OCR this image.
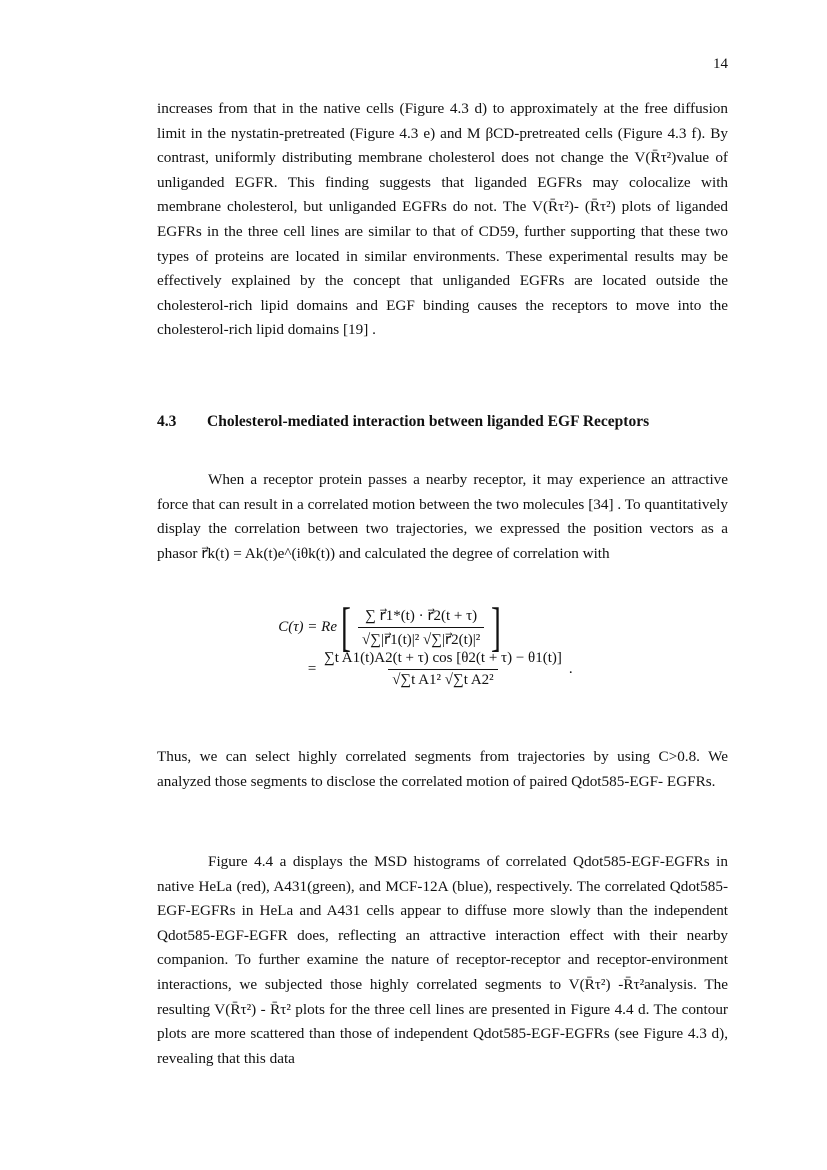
14

increases from that in the native cells (Figure 4.3 d) to approximately at the free diffusion limit in the nystatin-pretreated (Figure 4.3 e) and M βCD-pretreated cells (Figure 4.3 f). By contrast, uniformly distributing membrane cholesterol does not change the V(R̄τ²)value of unliganded EGFR. This finding suggests that liganded EGFRs may colocalize with membrane cholesterol, but unliganded EGFRs do not. The V(R̄τ²)- (R̄τ²) plots of liganded EGFRs in the three cell lines are similar to that of CD59, further supporting that these two types of proteins are located in similar environments. These experimental results may be effectively explained by the concept that unliganded EGFRs are located outside the cholesterol-rich lipid domains and EGF binding causes the receptors to move into the cholesterol-rich lipid domains [19] .

4.3 Cholesterol-mediated interaction between liganded EGF Receptors

When a receptor protein passes a nearby receptor, it may experience an attractive force that can result in a correlated motion between the two molecules [34] . To quantitatively display the correlation between two trajectories, we expressed the position vectors as a phasor r⃗k(t) = Ak(t)e^(iθk(t)) and calculated the degree of correlation with

C(τ) = Re [ $\frac{\sum r⃗1*(t) \cdot r⃗2(t + \tau)}{\text{√∑|r⃗1(t)|² √∑|r⃗2(t)|²}}$ ]
= $\frac{\text{∑t A1(t)A2(t + τ) cos [θ2(t + τ) − θ1(t)]}}{\text{√∑t A1² √∑t A2²}}$ .

Thus, we can select highly correlated segments from trajectories by using C>0.8. We analyzed those segments to disclose the correlated motion of paired Qdot585-EGF- EGFRs.

Figure 4.4 a displays the MSD histograms of correlated Qdot585-EGF-EGFRs in native HeLa (red), A431(green), and MCF-12A (blue), respectively. The correlated Qdot585-EGF-EGFRs in HeLa and A431 cells appear to diffuse more slowly than the independent Qdot585-EGF-EGFR does, reflecting an attractive interaction effect with their nearby companion. To further examine the nature of receptor-receptor and receptor-environment interactions, we subjected those highly correlated segments to V(R̄τ²) -R̄τ²analysis. The resulting V(R̄τ²) - R̄τ² plots for the three cell lines are presented in Figure 4.4 d. The contour plots are more scattered than those of independent Qdot585-EGF-EGFRs (see Figure 4.3 d), revealing that this data
